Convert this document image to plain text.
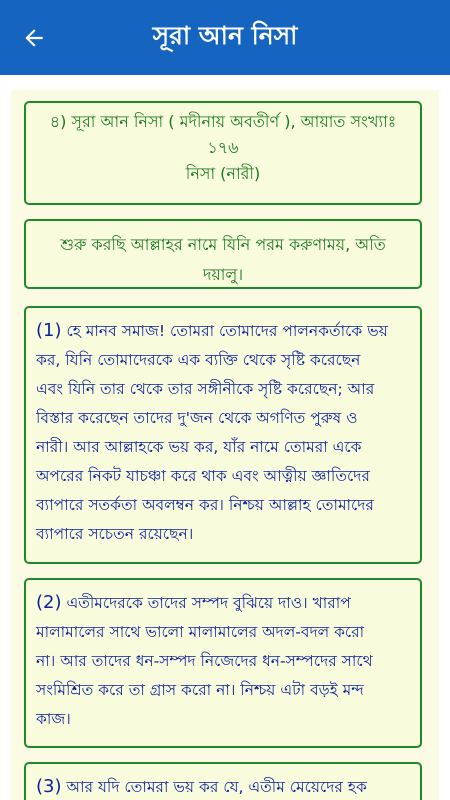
সূরা আন নিসা
৪) সূরা আন নিসা ( মদীনায় অবতীর্ণ ), আয়াত সংখ্যাঃ
১৭৬
নিসা (নারী)
শুরু করছি আল্লাহর নামে যিনি পরম করুণাময়, অতি
দয়ালু।

(1) হে মানব সমাজ! তোমরা তোমাদের পালনকর্তাকে ভয়

কর, যিনি তোমাদেরকে এক ব্যক্তি থেকে সৃষ্টি করেছেন

এবং যিনি তার থেকে তার সঙ্গীনীকে সৃষ্টি করেছেন; আর

বিস্তার করেছেন তাদের দু'জন থেকে অগণিত পুরুষ ও

নারী। আর আল্লাহকে ভয় কর, যাঁর নামে তোমরা একে

অপরের নিকট যাচঞ্চা করে থাক এবং আত্নীয় জ্ঞাতিদের

ব্যাপারে সতর্কতা অবলম্বন কর। নিশ্চয় আল্লাহ তোমাদের

ব্যাপারে সচেতন রয়েছেন।

(2) এতীমদেরকে তাদের সম্পদ বুঝিয়ে দাও। খারাপ

মালামালের সাথে ভালো মালামালের অদল-বদল করো

না। আর তাদের ধন-সম্পদ নিজেদের ধন-সম্পদের সাথে

সংমিশ্রিত করে তা গ্রাস করো না। নিশ্চয় এটা বড়ই মন্দ

কাজ।

(3) আর যদি তোমরা ভয় কর যে, এতীম মেয়েদের হক
